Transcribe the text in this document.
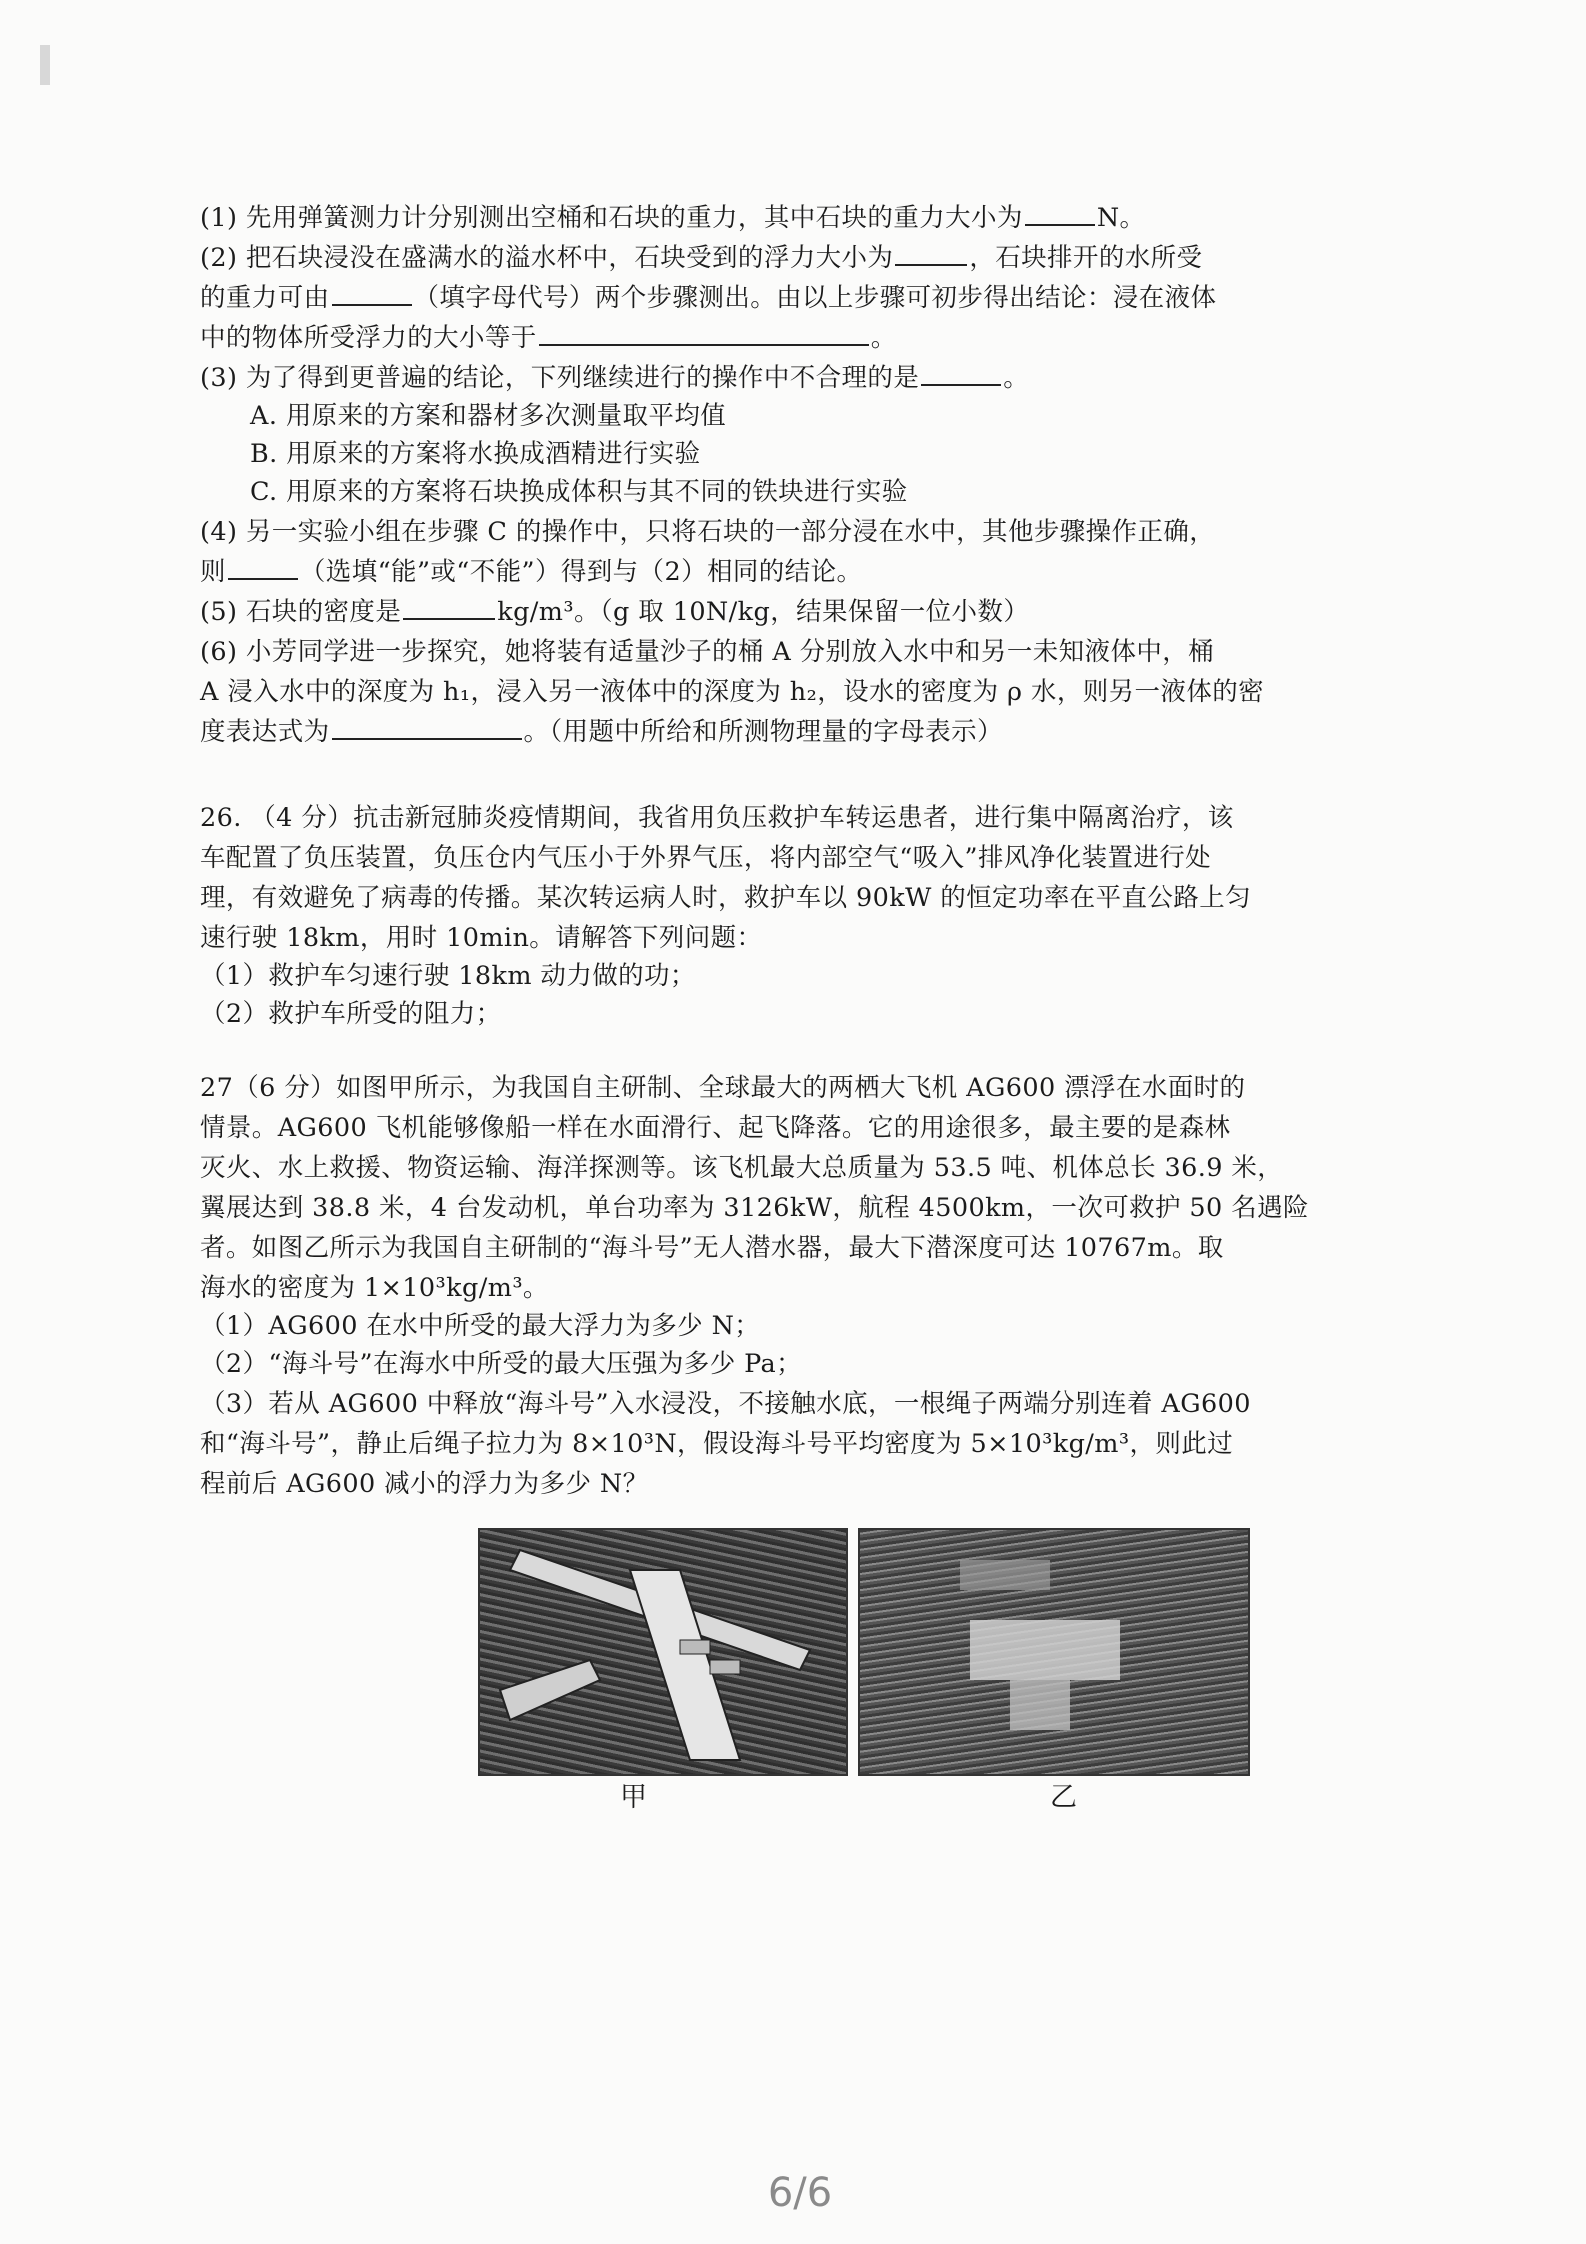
(1) 先用弹簧测力计分别测出空桶和石块的重力，其中石块的重力大小为	N。
(2) 把石块浸没在盛满水的溢水杯中，石块受到的浮力大小为	，石块排开的水所受
的重力可由	（填字母代号）两个步骤测出。由以上步骤可初步得出结论：浸在液体
中的物体所受浮力的大小等于	。
(3) 为了得到更普遍的结论，下列继续进行的操作中不合理的是	。
A. 用原来的方案和器材多次测量取平均值
B. 用原来的方案将水换成酒精进行实验
C. 用原来的方案将石块换成体积与其不同的铁块进行实验
(4) 另一实验小组在步骤 C 的操作中，只将石块的一部分浸在水中，其他步骤操作正确，
则	（选填“能”或“不能”）得到与（2）相同的结论。
(5) 石块的密度是	kg/m³。（g 取 10N/kg，结果保留一位小数）
(6) 小芳同学进一步探究，她将装有适量沙子的桶 A 分别放入水中和另一未知液体中，桶
A 浸入水中的深度为 h₁，浸入另一液体中的深度为 h₂，设水的密度为 ρ 水，则另一液体的密
度表达式为	。（用题中所给和所测物理量的字母表示）
26. （4 分）抗击新冠肺炎疫情期间，我省用负压救护车转运患者，进行集中隔离治疗，该
车配置了负压装置，负压仓内气压小于外界气压，将内部空气“吸入”排风净化装置进行处
理，有效避免了病毒的传播。某次转运病人时，救护车以 90kW 的恒定功率在平直公路上匀
速行驶 18km，用时 10min。请解答下列问题：
（1）救护车匀速行驶 18km 动力做的功；
（2）救护车所受的阻力；
27（6 分）如图甲所示，为我国自主研制、全球最大的两栖大飞机 AG600 漂浮在水面时的
情景。AG600 飞机能够像船一样在水面滑行、起飞降落。它的用途很多，最主要的是森林
灭火、水上救援、物资运输、海洋探测等。该飞机最大总质量为 53.5 吨、机体总长 36.9 米，
翼展达到 38.8 米，4 台发动机，单台功率为 3126kW，航程 4500km，一次可救护 50 名遇险
者。如图乙所示为我国自主研制的“海斗号”无人潜水器，最大下潜深度可达 10767m。取
海水的密度为 1×10³kg/m³。
（1）AG600 在水中所受的最大浮力为多少 N；
（2）“海斗号”在海水中所受的最大压强为多少 Pa；
（3）若从 AG600 中释放“海斗号”入水浸没，不接触水底，一根绳子两端分别连着 AG600
和“海斗号”，静止后绳子拉力为 8×10³N，假设海斗号平均密度为 5×10³kg/m³，则此过
程前后 AG600 减小的浮力为多少 N？
甲	乙
6/6
